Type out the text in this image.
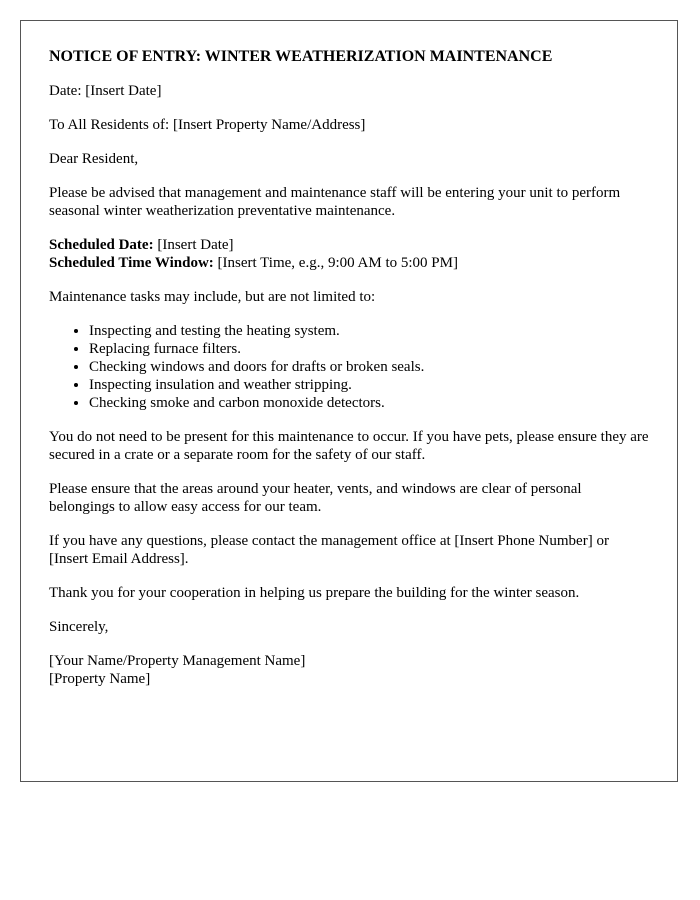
NOTICE OF ENTRY: WINTER WEATHERIZATION MAINTENANCE

Date: [Insert Date]

To All Residents of: [Insert Property Name/Address]

Dear Resident,

Please be advised that management and maintenance staff will be entering your unit to perform seasonal winter weatherization preventative maintenance.

Scheduled Date: [Insert Date]
Scheduled Time Window: [Insert Time, e.g., 9:00 AM to 5:00 PM]

Maintenance tasks may include, but are not limited to:

• Inspecting and testing the heating system.
• Replacing furnace filters.
• Checking windows and doors for drafts or broken seals.
• Inspecting insulation and weather stripping.
• Checking smoke and carbon monoxide detectors.

You do not need to be present for this maintenance to occur. If you have pets, please ensure they are secured in a crate or a separate room for the safety of our staff.

Please ensure that the areas around your heater, vents, and windows are clear of personal belongings to allow easy access for our team.

If you have any questions, please contact the management office at [Insert Phone Number] or [Insert Email Address].

Thank you for your cooperation in helping us prepare the building for the winter season.

Sincerely,

[Your Name/Property Management Name]
[Property Name]
